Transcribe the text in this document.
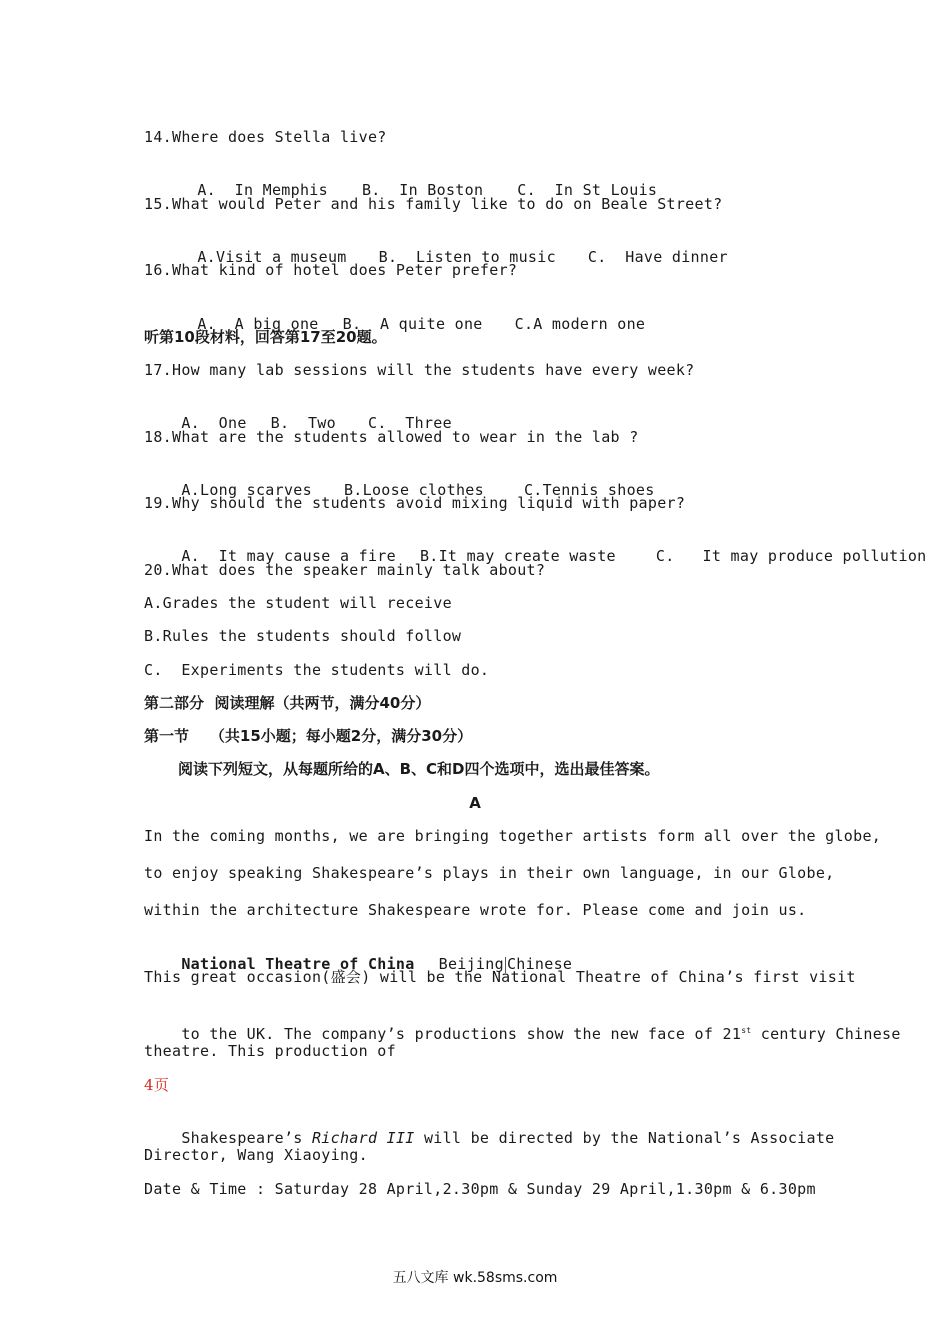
14.Where does Stella live?

A.  In Memphis B.  In Boston C.  In St Louis

15.What would Peter and his family like to do on Beale Street?

A.Visit a museum B.  Listen to music C.  Have dinner

16.What kind of hotel does Peter prefer?

A.  A big one B.  A quite one C.A modern one

听第10段材料，回答第17至20题。
17.How many lab sessions will the students have every week?

A.  One B.  Two C.  Three

18.What are the students allowed to wear in the lab ?

A.Long scarves B.Loose clothes	C.Tennis shoes

19.Why should the students avoid mixing liquid with paper?

A.  It may cause a fire B.It may create waste	C.   It may produce pollution

20.What does the speaker mainly talk about?
A.Grades the student will receive
B.Rules the students should follow
C.  Experiments the students will do.
第二部分  阅读理解（共两节，满分40分）
第一节    （共15小题；每小题2分，满分30分）
阅读下列短文，从每题所给的A、B、C和D四个选项中，选出最佳答案。
A
In the coming months, we are bringing together artists form all over the globe,
to enjoy speaking Shakespeare’s plays in their own language, in our Globe,
within the architecture Shakespeare wrote for. Please come and join us.

National Theatre of China Beijing Chinese

This great occasion(盛会) will be the National Theatre of China’s first visit

to the UK. The company’s productions show the new face of 21st century Chinese

theatre. This production of
4页

Shakespeare’s Richard III will be directed by the National’s Associate

Director, Wang Xiaoying.
Date & Time : Saturday 28 April,2.30pm & Sunday 29 April,1.30pm & 6.30pm
五八文库 wk.58sms.com
